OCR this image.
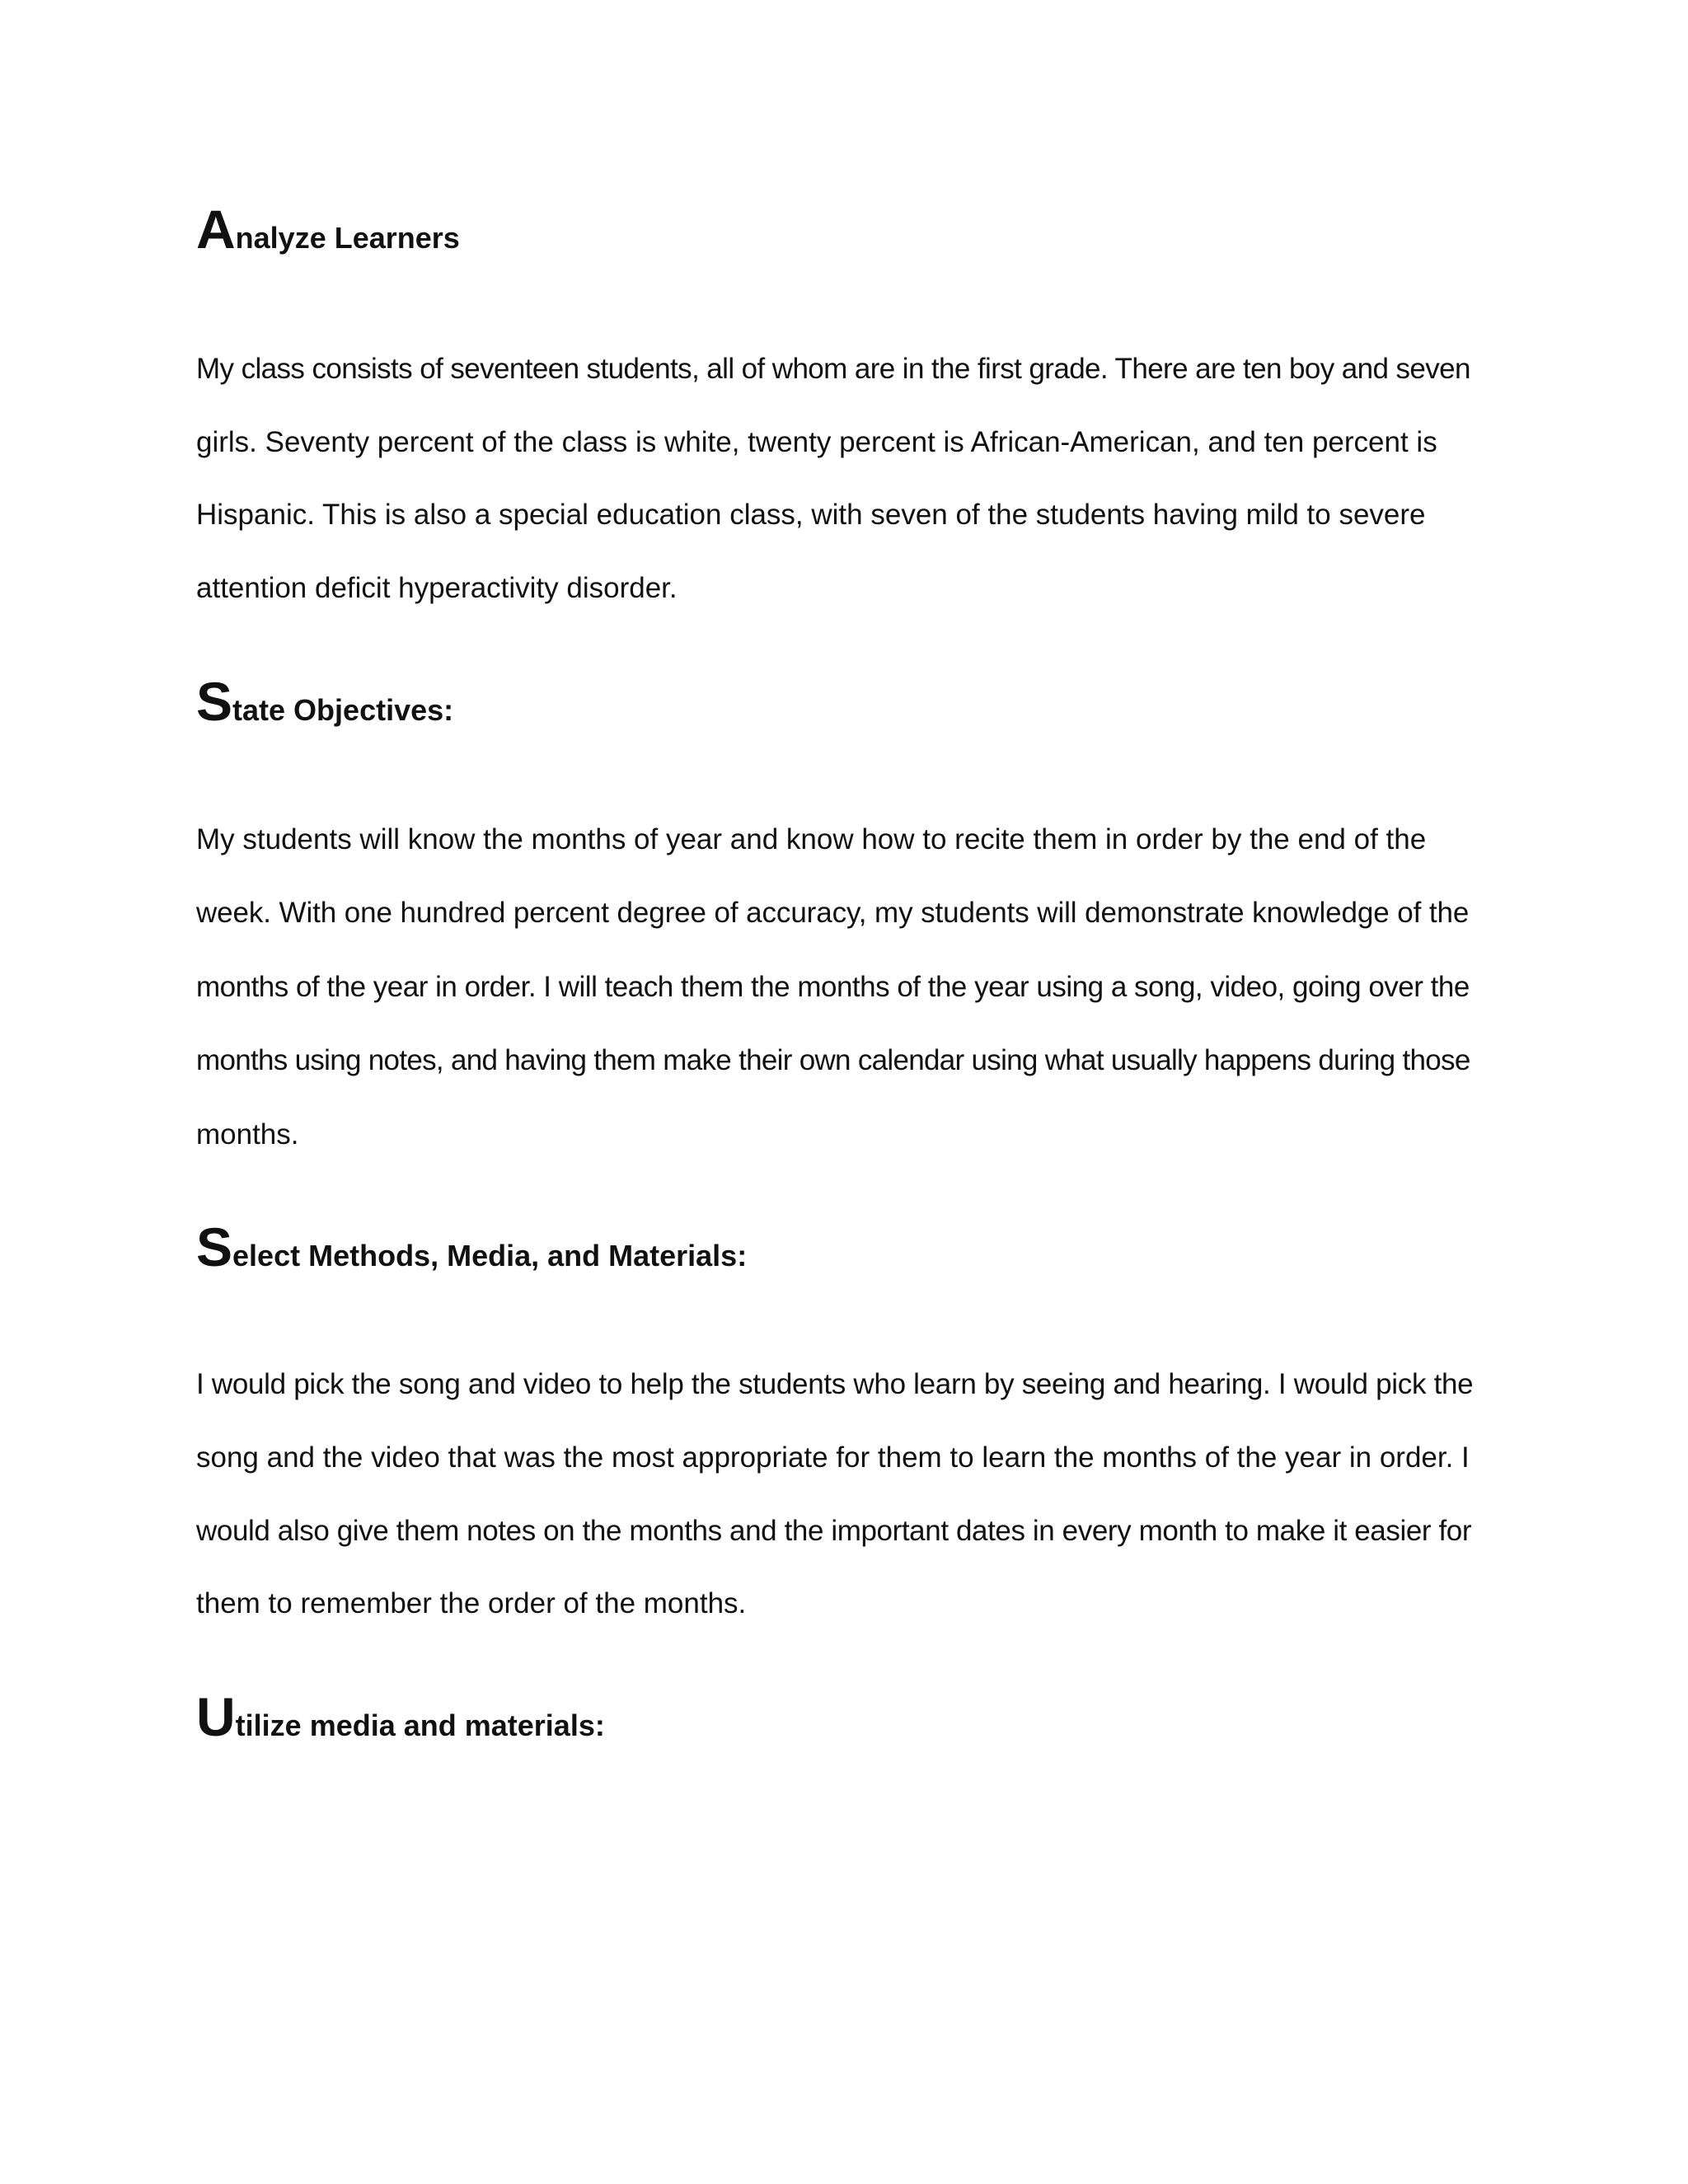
Analyze Learners

My class consists of seventeen students, all of whom are in the first grade. There are ten boy and seven

girls. Seventy percent of the class is white, twenty percent is African-American, and ten percent is

Hispanic. This is also a special education class, with seven of the students having mild to severe

attention deficit hyperactivity disorder.

State Objectives:

My students will know the months of year and know how to recite them in order by the end of the

week. With one hundred percent degree of accuracy, my students will demonstrate knowledge of the

months of the year in order. I will teach them the months of the year using a song, video, going over the

months using notes, and having them make their own calendar using what usually happens during those

months.

Select Methods, Media, and Materials:

I would pick the song and video to help the students who learn by seeing and hearing. I would pick the

song and the video that was the most appropriate for them to learn the months of the year in order. I

would also give them notes on the months and the important dates in every month to make it easier for

them to remember the order of the months.

Utilize media and materials:
